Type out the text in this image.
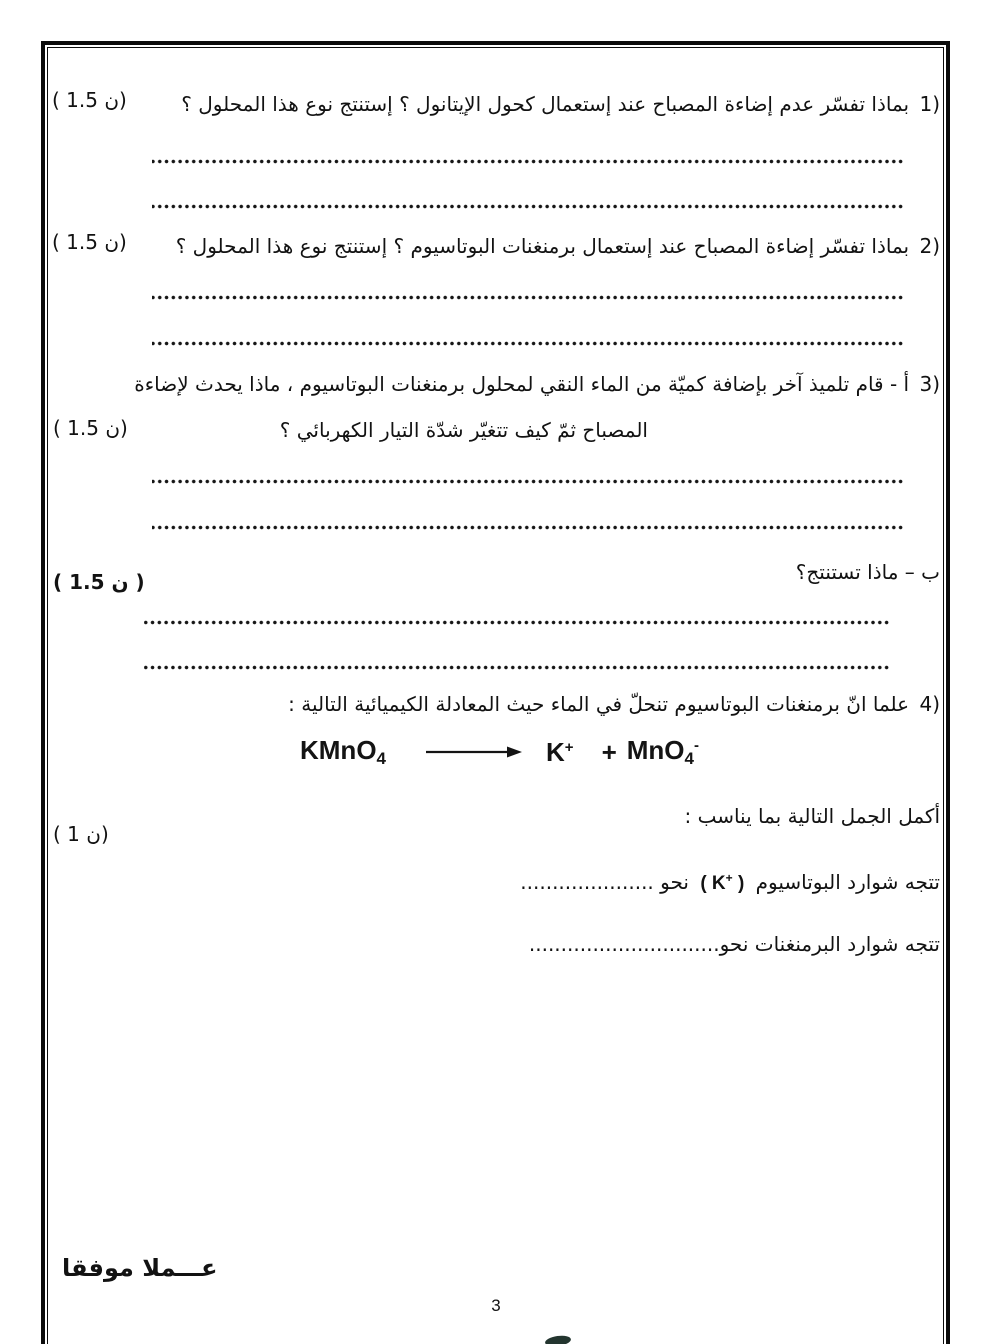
1) بماذا تفسّر عدم إضاءة المصباح عند إستعمال كحول الإيتانول ؟ إستنتج نوع هذا المحلول ؟
( 1.5 ن)
2) بماذا تفسّر إضاءة المصباح عند إستعمال برمنغنات البوتاسيوم ؟ إستنتج نوع هذا المحلول ؟
( 1.5 ن)
3) أ - قام تلميذ آخر بإضافة كميّة من الماء النقي لمحلول برمنغنات البوتاسيوم ، ماذا يحدث لإضاءة
المصباح ثمّ كيف تتغيّر شدّة التيار الكهربائي ؟
( 1.5 ن)
ب – ماذا تستنتج؟
( 1.5 ن )
4) علما انّ برمنغنات البوتاسيوم تنحلّ في الماء حيث المعادلة الكيميائية التالية :
KMnO$_4$ → K+ + MnO$_4$-
أكمل الجمل التالية بما يناسب :
( 1 ن)
تتجه شوارد البوتاسيوم ( K+ ) نحو .....................
تتجه شوارد البرمنغنات نحو..............................
عـــملا موفقا
3
